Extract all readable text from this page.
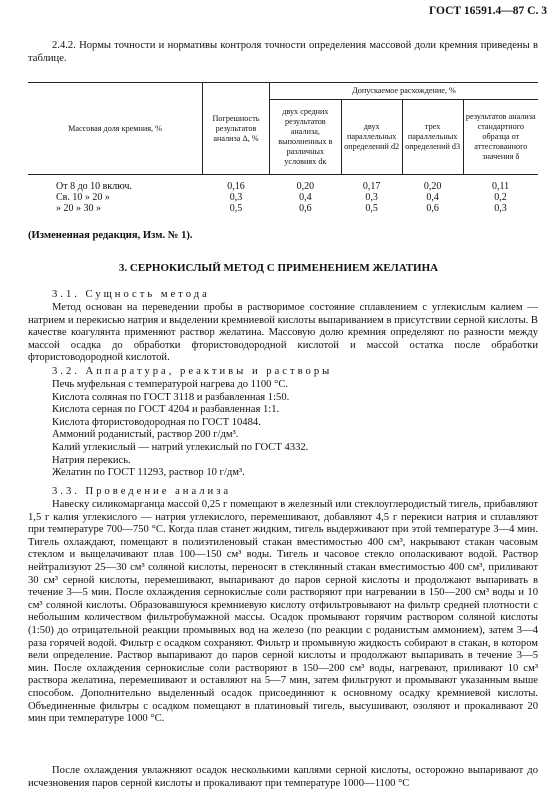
ГОСТ 16591.4—87 С. 3
2.4.2. Нормы точности и нормативы контроля точности определения массовой доли кремния приведены в таблице.
Массовая доля кремния, %	Погрешность результатов анализа Δ, %	Допускаемое расхождение, %			
		двух средних результатов анализа, выполненных в различных условиях dк	двух параллельных определений d2	трех параллельных определений d3	результатов анализа стандартного образца от аттестованного значения δ
От 8 до 10 включ.	0,16	0,20	0,17	0,20	0,11
Св. 10 » 20 »	0,3	0,4	0,3	0,4	0,2
» 20 » 30 »	0,5	0,6	0,5	0,6	0,3
(Измененная редакция, Изм. № 1).
3. СЕРНОКИСЛЫЙ МЕТОД С ПРИМЕНЕНИЕМ ЖЕЛАТИНА
3.1. Сущность метода
Метод основан на переведении пробы в растворимое состояние сплавлением с углекислым калием — натрием и перекисью натрия и выделении кремниевой кислоты выпариванием в присутствии серной кислоты. В качестве коагулянта применяют раствор желатина. Массовую долю кремния определяют по разности между массой осадка до обработки фтористоводородной кислотой и массой остатка после обработки фтористоводородной кислотой.
3.2. Аппаратура, реактивы и растворы
Печь муфельная с температурой нагрева до 1100 °С.
Кислота соляная по ГОСТ 3118 и разбавленная 1:50.
Кислота серная по ГОСТ 4204 и разбавленная 1:1.
Кислота фтористоводородная по ГОСТ 10484.
Аммоний роданистый, раствор 200 г/дм³.
Калий углекислый — натрий углекислый по ГОСТ 4332.
Натрия перекись.
Желатин по ГОСТ 11293, раствор 10 г/дм³.
3.3. Проведение анализа
Навеску силикомарганца массой 0,25 г помещают в железный или стеклоуглеродистый тигель, прибавляют 1,5 г калия углекислого — натрия углекислого, перемешивают, добавляют 4,5 г перекиси натрия и сплавляют при температуре 700—750 °С. Когда плав станет жидким, тигель выдерживают при этой температуре 3—4 мин. Тигель охлаждают, помещают в полиэтиленовый стакан вместимостью 400 см³, накрывают стакан часовым стеклом и выщелачивают плав 100—150 см³ воды. Тигель и часовое стекло ополаскивают водой. Раствор нейтрализуют 25—30 см³ соляной кислоты, переносят в стеклянный стакан вместимостью 400 см³, приливают 30 см³ серной кислоты, перемешивают, выпаривают до паров серной кислоты и продолжают выпаривать в течение 3—5 мин. После охлаждения сернокислые соли растворяют при нагревании в 150—200 см³ воды и 10 см³ соляной кислоты. Образовавшуюся кремниевую кислоту отфильтровывают на фильтр средней плотности с небольшим количеством фильтробумажной массы. Осадок промывают горячим раствором соляной кислоты (1:50) до отрицательной реакции промывных вод на железо (по реакции с роданистым аммонием), затем 3—4 раза горячей водой. Фильтр с осадком сохраняют. Фильтр и промывную жидкость собирают в стакан, в котором вели определение. Раствор выпаривают до паров серной кислоты и продолжают выпаривать в течение 3—5 мин. После охлаждения сернокислые соли растворяют в 150—200 см³ воды, нагревают, приливают 10 см³ раствора желатина, перемешивают и оставляют на 5—7 мин, затем фильтруют и промывают указанным выше способом. Дополнительно выделенный осадок присоединяют к основному осадку кремниевой кислоты. Объединенные фильтры с осадком помещают в платиновый тигель, высушивают, озоляют и прокаливают 20 мин при температуре 1000 °С.
После охлаждения увлажняют осадок несколькими каплями серной кислоты, осторожно выпаривают до исчезновения паров серной кислоты и прокаливают при температуре 1000—1100 °С
